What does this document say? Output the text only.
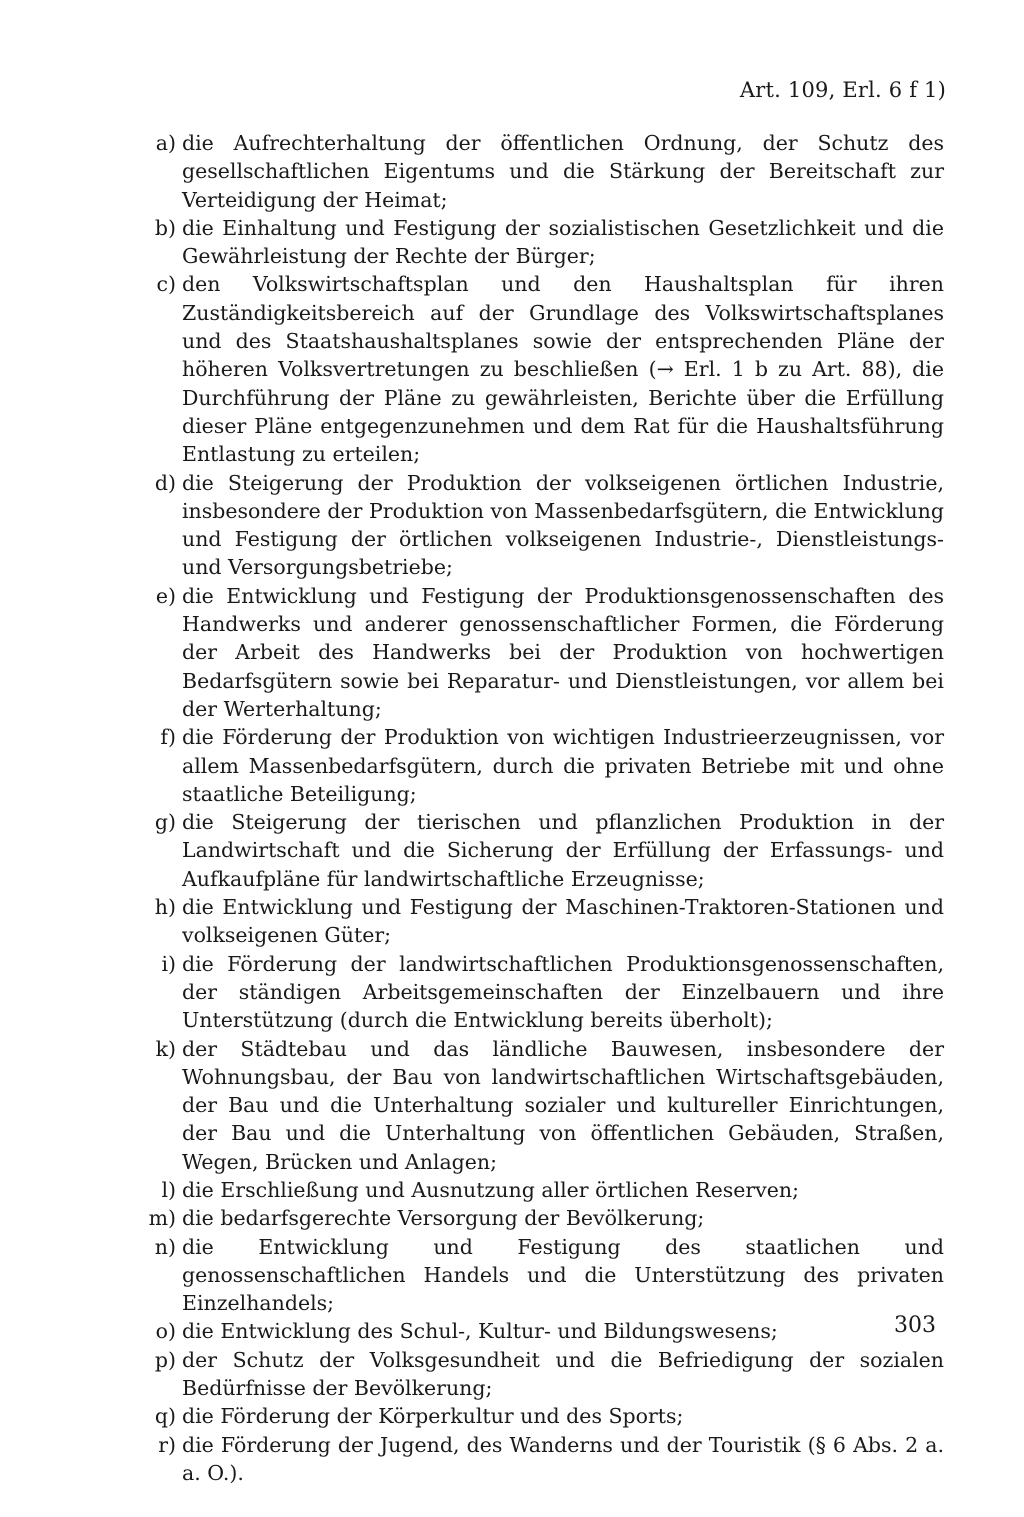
Art. 109, Erl. 6 f 1)
a) die Aufrechterhaltung der öffentlichen Ordnung, der Schutz des gesellschaftlichen Eigentums und die Stärkung der Bereitschaft zur Verteidigung der Heimat;
b) die Einhaltung und Festigung der sozialistischen Gesetzlichkeit und die Gewährleistung der Rechte der Bürger;
c) den Volkswirtschaftsplan und den Haushaltsplan für ihren Zuständigkeitsbereich auf der Grundlage des Volkswirtschaftsplanes und des Staatshaushaltsplanes sowie der entsprechenden Pläne der höheren Volksvertretungen zu beschließen (→ Erl. 1 b zu Art. 88), die Durchführung der Pläne zu gewährleisten, Berichte über die Erfüllung dieser Pläne entgegenzunehmen und dem Rat für die Haushaltsführung Entlastung zu erteilen;
d) die Steigerung der Produktion der volkseigenen örtlichen Industrie, insbesondere der Produktion von Massenbedarfsgütern, die Entwicklung und Festigung der örtlichen volkseigenen Industrie-, Dienstleistungs- und Versorgungsbetriebe;
e) die Entwicklung und Festigung der Produktionsgenossenschaften des Handwerks und anderer genossenschaftlicher Formen, die Förderung der Arbeit des Handwerks bei der Produktion von hochwertigen Bedarfsgütern sowie bei Reparatur- und Dienstleistungen, vor allem bei der Werterhaltung;
f) die Förderung der Produktion von wichtigen Industrieerzeugnissen, vor allem Massenbedarfsgütern, durch die privaten Betriebe mit und ohne staatliche Beteiligung;
g) die Steigerung der tierischen und pflanzlichen Produktion in der Landwirtschaft und die Sicherung der Erfüllung der Erfassungs- und Aufkaufpläne für landwirtschaftliche Erzeugnisse;
h) die Entwicklung und Festigung der Maschinen-Traktoren-Stationen und volkseigenen Güter;
i) die Förderung der landwirtschaftlichen Produktionsgenossenschaften, der ständigen Arbeitsgemeinschaften der Einzelbauern und ihre Unterstützung (durch die Entwicklung bereits überholt);
k) der Städtebau und das ländliche Bauwesen, insbesondere der Wohnungsbau, der Bau von landwirtschaftlichen Wirtschaftsgebäuden, der Bau und die Unterhaltung sozialer und kultureller Einrichtungen, der Bau und die Unterhaltung von öffentlichen Gebäuden, Straßen, Wegen, Brücken und Anlagen;
l) die Erschließung und Ausnutzung aller örtlichen Reserven;
m) die bedarfsgerechte Versorgung der Bevölkerung;
n) die Entwicklung und Festigung des staatlichen und genossenschaftlichen Handels und die Unterstützung des privaten Einzelhandels;
o) die Entwicklung des Schul-, Kultur- und Bildungswesens;
p) der Schutz der Volksgesundheit und die Befriedigung der sozialen Bedürfnisse der Bevölkerung;
q) die Förderung der Körperkultur und des Sports;
r) die Förderung der Jugend, des Wanderns und der Touristik (§ 6 Abs. 2 a. a. O.).
303
